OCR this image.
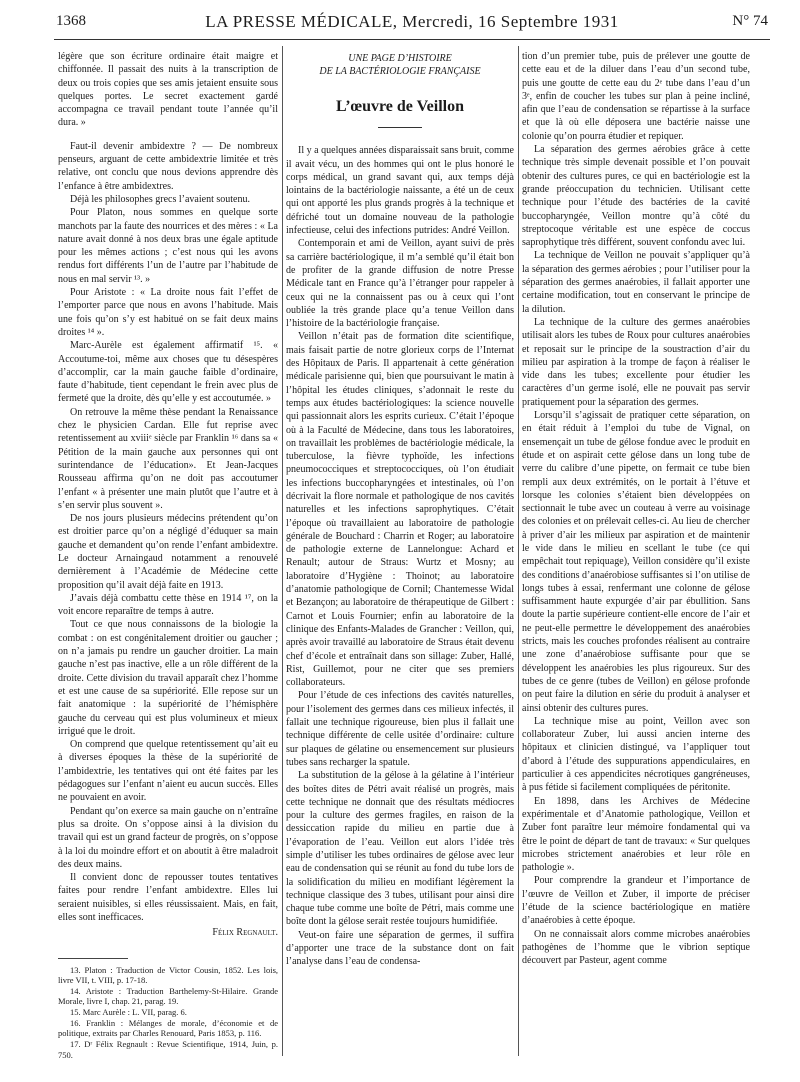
1368	LA PRESSE MÉDICALE, Mercredi, 16 Septembre 1931	N° 74

légère que son écriture ordinaire était maigre et chiffonnée. Il passait des nuits à la transcription de deux ou trois copies que ses amis jetaient ensuite sous quelques portes. Le secret exactement gardé accompagna ce travail pendant toute l’année qu’il dura. »

Faut-il devenir ambidextre ? — De nombreux penseurs, arguant de cette ambidextrie limitée et très relative, ont conclu que nous devions apprendre dès l’enfance à être ambidextres.

Déjà les philosophes grecs l’avaient soutenu.

Pour Platon, nous sommes en quelque sorte manchots par la faute des nourrices et des mères : « La nature avait donné à nos deux bras une égale aptitude pour les mêmes actions ; c’est nous qui les avons rendus fort différents l’un de l’autre par l’habitude de nous en mal servir ¹³. »

Pour Aristote : « La droite nous fait l’effet de l’emporter parce que nous en avons l’habitude. Mais une fois qu’on s’y est habitué on se fait deux mains droites ¹⁴ ».

Marc-Aurèle est également affirmatif ¹⁵. « Accoutume-toi, même aux choses que tu désespères d’accomplir, car la main gauche faible d’ordinaire, faute d’habitude, tient cependant le frein avec plus de fermeté que la droite, dès qu’elle y est accoutumée. »

On retrouve la même thèse pendant la Renaissance chez le physicien Cardan. Elle fut reprise avec retentissement au xviiiᵉ siècle par Franklin ¹⁶ dans sa « Pétition de la main gauche aux personnes qui ont surintendance de l’éducation». Et Jean-Jacques Rousseau affirma qu’on ne doit pas accoutumer l’enfant « à présenter une main plutôt que l’autre et à s’en servir plus souvent ».

De nos jours plusieurs médecins prétendent qu’on est droitier parce qu’on a négligé d’éduquer sa main gauche et demandent qu’on rende l’enfant ambidextre. Le docteur Arnaingaud notamment a renouvelé dernièrement à l’Académie de Médecine cette proposition qu’il avait déjà faite en 1913.

J’avais déjà combattu cette thèse en 1914 ¹⁷, on la voit encore reparaître de temps à autre.

Tout ce que nous connaissons de la biologie la combat : on est congénitalement droitier ou gaucher ; on n’a jamais pu rendre un gaucher droitier. La main gauche n’est pas inactive, elle a un rôle différent de la droite. Cette division du travail apparaît chez l’homme et est une cause de sa supériorité. Elle repose sur un fait anatomique : la supériorité de l’hémisphère gauche du cerveau qui est plus volumineux et mieux irrigué que le droit.

On comprend que quelque retentissement qu’ait eu à diverses époques la thèse de la supériorité de l’ambidextrie, les tentatives qui ont été faites par les pédagogues sur l’enfant n’aient eu aucun succès. Elles ne pouvaient en avoir.

Pendant qu’on exerce sa main gauche on n’entraîne plus sa droite. On s’oppose ainsi à la division du travail qui est un grand facteur de progrès, on s’oppose à la loi du moindre effort et on aboutit à être maladroit des deux mains.

Il convient donc de repousser toutes tentatives faites pour rendre l’enfant ambidextre. Elles lui seraient nuisibles, si elles réussissaient. Mais, en fait, elles sont inefficaces.

Félix Regnault.

13. Platon : Traduction de Victor Cousin, 1852. Les lois, livre VII, t. VIII, p. 17-18.

14. Aristote : Traduction Barthelemy-St-Hilaire. Grande Morale, livre I, chap. 21, parag. 19.

15. Marc Aurèle : L. VII, parag. 6.

16. Franklin : Mélanges de morale, d’économie et de politique, extraits par Charles Renouard, Paris 1853, p. 116.

17. Dʳ Félix Regnault : Revue Scientifique, 1914, Juin, p. 750.

UNE PAGE D’HISTOIRE
DE LA BACTÉRIOLOGIE FRANÇAISE
L’œuvre de Veillon

Il y a quelques années disparaissait sans bruit, comme il avait vécu, un des hommes qui ont le plus honoré le corps médical, un grand savant qui, aux temps déjà lointains de la bactériologie naissante, a été un de ceux qui ont apporté les plus grands progrès à la technique et défriché tout un domaine nouveau de la pathologie infectieuse, celui des infections putrides: André Veillon.

Contemporain et ami de Veillon, ayant suivi de près sa carrière bactériologique, il m’a semblé qu’il était bon de profiter de la grande diffusion de notre Presse Médicale tant en France qu’à l’étranger pour rappeler à ceux qui ne la connaissent pas ou à ceux qui l’ont oubliée la très grande place qu’a tenue Veillon dans l’histoire de la bactériologie française.

Veillon n’était pas de formation dite scientifique, mais faisait partie de notre glorieux corps de l’Internat des Hôpitaux de Paris. Il appartenait à cette génération médicale parisienne qui, bien que poursuivant le matin à l’hôpital les études cliniques, s’adonnait le reste du temps aux études bactériologiques: la science nouvelle qui passionnait alors les esprits curieux. C’était l’époque où à la Faculté de Médecine, dans tous les laboratoires, on travaillait les problèmes de bactériologie médicale, la tuberculose, la fièvre typhoïde, les infections pneumococciques et streptococciques, où l’on étudiait les infections buccopharyngées et intestinales, où l’on décrivait la flore normale et pathologique de nos cavités naturelles et les infections saprophytiques. C’était l’époque où travaillaient au laboratoire de pathologie générale de Bouchard : Charrin et Roger; au laboratoire de pathologie externe de Lannelongue: Achard et Renault; autour de Straus: Wurtz et Mosny; au laboratoire d’Hygiène : Thoinot; au laboratoire d’anatomie pathologique de Cornil; Chantemesse Widal et Bezançon; au laboratoire de thérapeutique de Gilbert : Carnot et Louis Fournier; enfin au laboratoire de la clinique des Enfants-Malades de Grancher : Veillon, qui, après avoir travaillé au laboratoire de Straus était devenu chef d’école et entraînait dans son sillage: Zuber, Hallé, Rist, Guillemot, pour ne citer que ses premiers collaborateurs.

Pour l’étude de ces infections des cavités naturelles, pour l’isolement des germes dans ces milieux infectés, il fallait une technique rigoureuse, bien plus il fallait une technique différente de celle usitée d’ordinaire: culture sur plaques de gélatine ou ensemencement sur plusieurs tubes sans recharger la spatule.

La substitution de la gélose à la gélatine à l’intérieur des boîtes dites de Pétri avait réalisé un progrès, mais cette technique ne donnait que des résultats médiocres pour la culture des germes fragiles, en raison de la dessiccation rapide du milieu en partie due à l’évaporation de l’eau. Veillon eut alors l’idée très simple d’utiliser les tubes ordinaires de gélose avec leur eau de condensation qui se réunit au fond du tube lors de la solidification du milieu en modifiant légèrement la technique classique des 3 tubes, utilisant pour ainsi dire chaque tube comme une boîte de Pétri, mais comme une boîte dont la gélose serait restée toujours humidifiée.

Veut-on faire une séparation de germes, il suffira d’apporter une trace de la substance dont on fait l’analyse dans l’eau de condensa-

tion d’un premier tube, puis de prélever une goutte de cette eau et de la diluer dans l’eau d’un second tube, puis une goutte de cette eau du 2ᵉ tube dans l’eau d’un 3ᵉ, enfin de coucher les tubes sur plan à peine incliné, afin que l’eau de condensation se répartisse à la surface et que là où elle déposera une bactérie naisse une colonie qu’on pourra étudier et repiquer.

La séparation des germes aérobies grâce à cette technique très simple devenait possible et l’on pouvait obtenir des cultures pures, ce qui en bactériologie est la grande préoccupation du technicien. Utilisant cette technique pour l’étude des bactéries de la cavité buccopharyngée, Veillon montre qu’à côté du streptocoque véritable est une espèce de coccus saprophytique très différent, souvent confondu avec lui.

La technique de Veillon ne pouvait s’appliquer qu’à la séparation des germes aérobies ; pour l’utiliser pour la séparation des germes anaérobies, il fallait apporter une certaine modification, tout en conservant le principe de la dilution.

La technique de la culture des germes anaérobies utilisait alors les tubes de Roux pour cultures anaérobies et reposait sur le principe de la soustraction d’air du milieu par aspiration à la trompe de façon à réaliser le vide dans les tubes; excellente pour étudier les caractères d’un germe isolé, elle ne pouvait pas servir pratiquement pour la séparation des germes.

Lorsqu’il s’agissait de pratiquer cette séparation, on en était réduit à l’emploi du tube de Vignal, on ensemençait un tube de gélose fondue avec le produit en étude et on aspirait cette gélose dans un long tube de verre du calibre d’une pipette, on fermait ce tube bien rempli aux deux extrémités, on le portait à l’étuve et lorsque les colonies s’étaient bien développées on sectionnait le tube avec un couteau à verre au voisinage des colonies et on prélevait celles-ci. Au lieu de chercher à priver d’air les milieux par aspiration et de maintenir le vide dans le milieu en scellant le tube (ce qui empêchait tout repiquage), Veillon considère qu’il existe des conditions d’anaérobiose suffisantes si l’on utilise de longs tubes à essai, renfermant une colonne de gélose suffisamment haute expurgée d’air par ébullition. Sans doute la partie supérieure contient-elle encore de l’air et ne peut-elle permettre le développement des anaérobies stricts, mais les couches profondes réalisent au contraire une zone d’anaérobiose suffisante pour que se développent les anaérobies les plus rigoureux. Sur des tubes de ce genre (tubes de Veillon) en gélose profonde on peut faire la dilution en série du produit à analyser et ainsi obtenir des cultures pures.

La technique mise au point, Veillon avec son collaborateur Zuber, lui aussi ancien interne des hôpitaux et clinicien distingué, va l’appliquer tout d’abord à l’étude des suppurations appendiculaires, en particulier à ces appendicites nécrotiques gangréneuses, à pus fétide si facilement compliquées de péritonite.

En 1898, dans les Archives de Médecine expérimentale et d’Anatomie pathologique, Veillon et Zuber font paraître leur mémoire fondamental qui va être le point de départ de tant de travaux: « Sur quelques microbes strictement anaérobies et leur rôle en pathologie ».

Pour comprendre la grandeur et l’importance de l’œuvre de Veillon et Zuber, il importe de préciser l’étude de la science bactériologique en matière d’anaérobies à cette époque.

On ne connaissait alors comme microbes anaérobies pathogènes de l’homme que le vibrion septique découvert par Pasteur, agent comme
